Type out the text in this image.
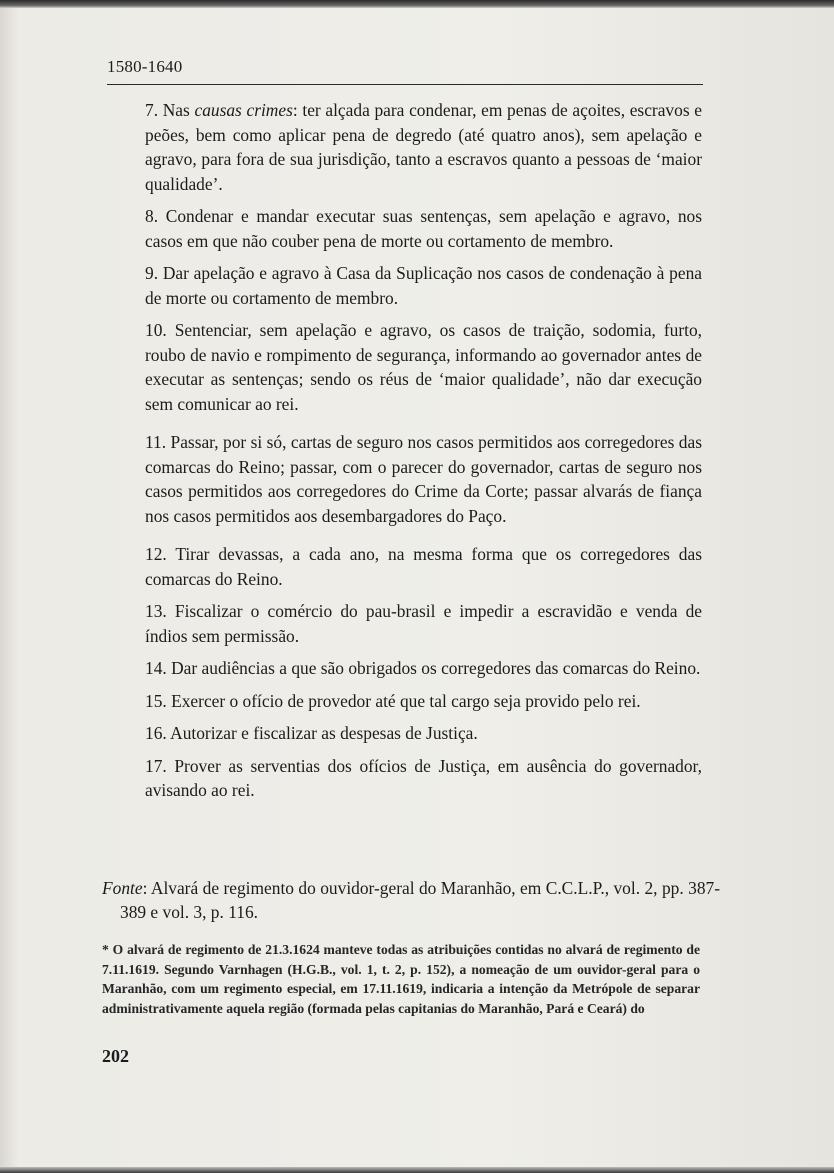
1580-1640

7. Nas causas crimes: ter alçada para condenar, em penas de açoites, escravos e peões, bem como aplicar pena de degredo (até quatro anos), sem apelação e agravo, para fora de sua jurisdição, tanto a escravos quanto a pessoas de ‘maior qualidade’.

8. Condenar e mandar executar suas sentenças, sem apelação e agravo, nos casos em que não couber pena de morte ou cortamento de membro.

9. Dar apelação e agravo à Casa da Suplicação nos casos de condenação à pena de morte ou cortamento de membro.

10. Sentenciar, sem apelação e agravo, os casos de traição, sodomia, furto, roubo de navio e rompimento de segurança, informando ao governador antes de executar as sentenças; sendo os réus de ‘maior qualidade’, não dar execução sem comunicar ao rei.

11. Passar, por si só, cartas de seguro nos casos permitidos aos corregedores das comarcas do Reino; passar, com o parecer do governador, cartas de seguro nos casos permitidos aos corregedores do Crime da Corte; passar alvarás de fiança nos casos permitidos aos desembargadores do Paço.

12. Tirar devassas, a cada ano, na mesma forma que os corregedores das comarcas do Reino.

13. Fiscalizar o comércio do pau-brasil e impedir a escravidão e venda de índios sem permissão.

14. Dar audiências a que são obrigados os corregedores das comarcas do Reino.

15. Exercer o ofício de provedor até que tal cargo seja provido pelo rei.

16. Autorizar e fiscalizar as despesas de Justiça.

17. Prover as serventias dos ofícios de Justiça, em ausência do governador, avisando ao rei.

Fonte: Alvará de regimento do ouvidor-geral do Maranhão, em C.C.L.P., vol. 2, pp. 387-389 e vol. 3, p. 116.
* O alvará de regimento de 21.3.1624 manteve todas as atribuições contidas no alvará de regimento de 7.11.1619. Segundo Varnhagen (H.G.B., vol. 1, t. 2, p. 152), a nomeação de um ouvidor-geral para o Maranhão, com um regimento especial, em 17.11.1619, indicaria a intenção da Metrópole de separar administrativamente aquela região (formada pelas capitanias do Maranhão, Pará e Ceará) do
202
